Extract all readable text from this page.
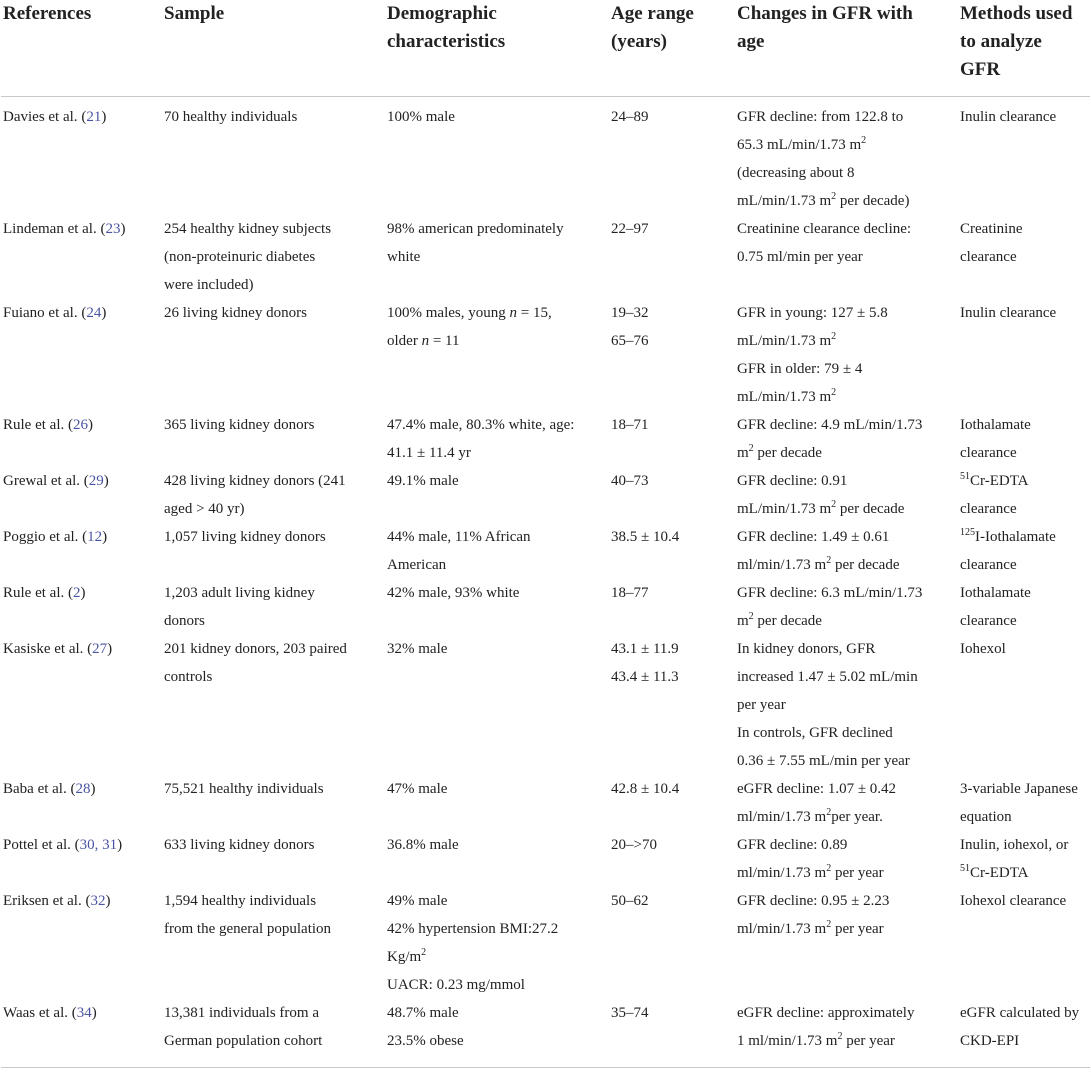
References	Sample	Demographic characteristics	Age range (years)	Changes in GFR with age	Methods used to analyze GFR
Davies et al. (21)	70 healthy individuals	100% male	24–89	GFR decline: from 122.8 to
65.3 mL/min/1.73 $m^2$
(decreasing about 8
mL/min/1.73 $m^2$ per decade)	Inulin clearance

Lindeman et al. (23)	254 healthy kidney subjects
(non-proteinuric diabetes
were included)	98% american predominately
white	22–97	Creatinine clearance decline:
0.75 ml/min per year	Creatinine
clearance

Fuiano et al. (24)	26 living kidney donors	100% males, young n = 15,
older n = 11	19–32
65–76	GFR in young: 127 ± 5.8
mL/min/1.73 $m^2$
GFR in older: 79 ± 4
mL/min/1.73 $m^2$	Inulin clearance

Rule et al. (26)	365 living kidney donors	47.4% male, 80.3% white, age:
41.1 ± 11.4 yr	18–71	GFR decline: 4.9 mL/min/1.73
$m^2$ per decade	Iothalamate
clearance

Grewal et al. (29)	428 living kidney donors (241
aged > 40 yr)	49.1% male	40–73	GFR decline: 0.91
mL/min/1.73 $m^2$ per decade	$^{51}$Cr-EDTA
clearance

Poggio et al. (12)	1,057 living kidney donors	44% male, 11% African
American	38.5 ± 10.4	GFR decline: 1.49 ± 0.61
ml/min/1.73 $m^2$ per decade	$^{125}$I-Iothalamate
clearance

Rule et al. (2)	1,203 adult living kidney
donors	42% male, 93% white	18–77	GFR decline: 6.3 mL/min/1.73
$m^2$ per decade	Iothalamate
clearance

Kasiske et al. (27)	201 kidney donors, 203 paired
controls	32% male	43.1 ± 11.9
43.4 ± 11.3	In kidney donors, GFR
increased 1.47 ± 5.02 mL/min
per year
In controls, GFR declined
0.36 ± 7.55 mL/min per year	Iohexol

Baba et al. (28)	75,521 healthy individuals	47% male	42.8 ± 10.4	eGFR decline: 1.07 ± 0.42
ml/min/1.73 $m^2per$ year.	3-variable Japanese
equation

Pottel et al. (30, 31)	633 living kidney donors	36.8% male	20–>70	GFR decline: 0.89
ml/min/1.73 $m^2$ per year	Inulin, iohexol, or
$^{51}$Cr-EDTA

Eriksen et al. (32)	1,594 healthy individuals
from the general population	49% male
42% hypertension BMI:27.2
$Kg/m^2$
UACR: 0.23 mg/mmol	50–62	GFR decline: 0.95 ± 2.23
ml/min/1.73 $m^2$ per year	Iohexol clearance

Waas et al. (34)	13,381 individuals from a
German population cohort	48.7% male
23.5% obese	35–74	eGFR decline: approximately
1 ml/min/1.73 $m^2$ per year	eGFR calculated by
CKD-EPI
